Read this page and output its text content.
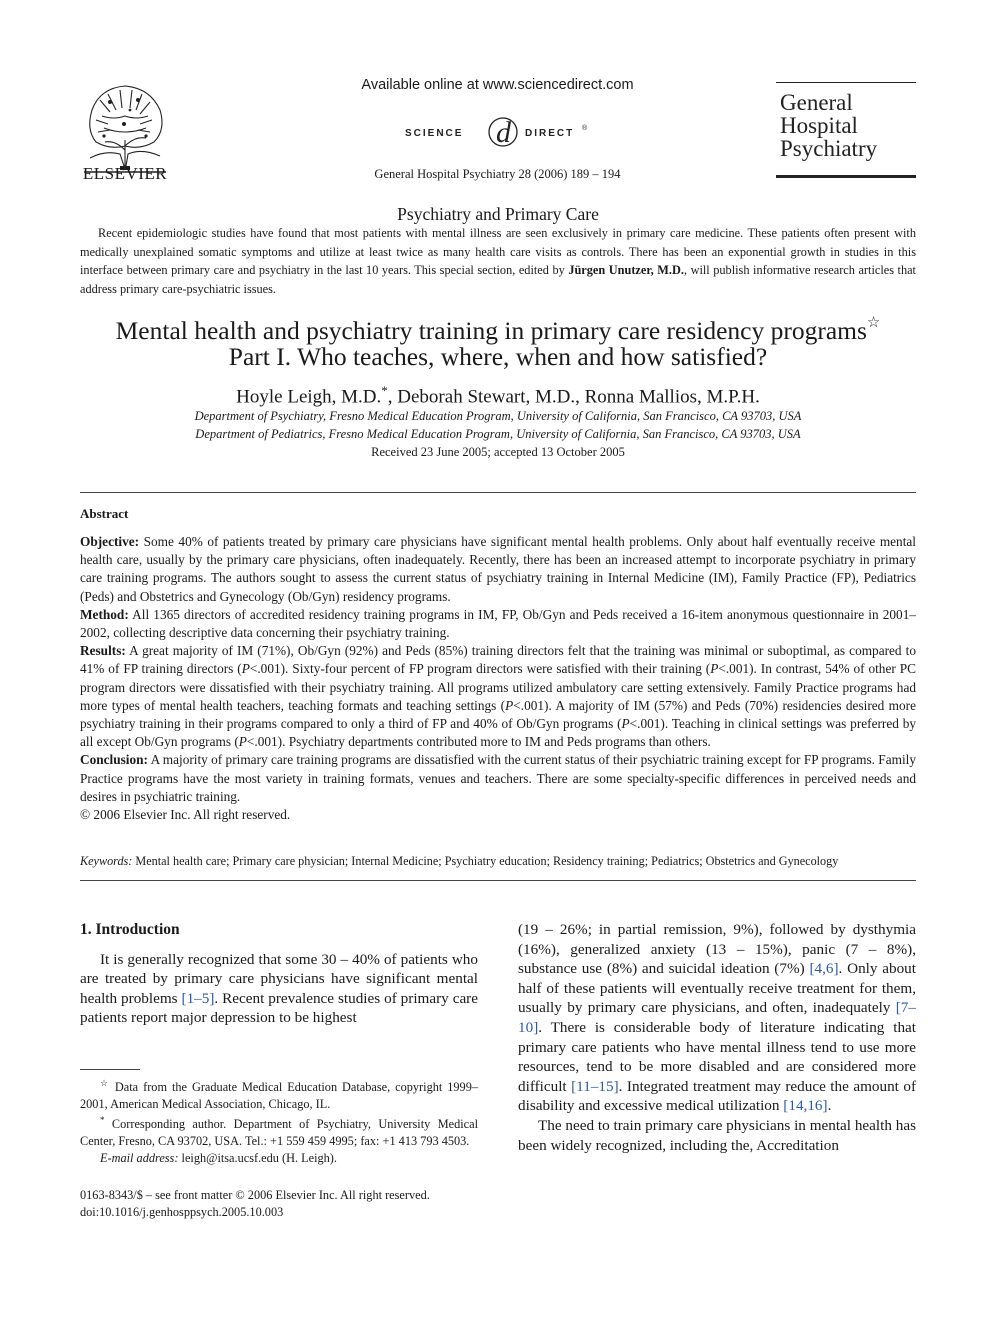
ELSEVIER
Available online at www.sciencedirect.com
SCIENCE d DIRECT ®
General Hospital Psychiatry 28 (2006) 189 – 194
General
Hospital
Psychiatry
Psychiatry and Primary Care
Recent epidemiologic studies have found that most patients with mental illness are seen exclusively in primary care medicine. These patients often present with medically unexplained somatic symptoms and utilize at least twice as many health care visits as controls. There has been an exponential growth in studies in this interface between primary care and psychiatry in the last 10 years. This special section, edited by Jürgen Unutzer, M.D., will publish informative research articles that address primary care-psychiatric issues.
Mental health and psychiatry training in primary care residency programs☆
Part I. Who teaches, where, when and how satisfied?
Hoyle Leigh, M.D.*, Deborah Stewart, M.D., Ronna Mallios, M.P.H.
Department of Psychiatry, Fresno Medical Education Program, University of California, San Francisco, CA 93703, USA
Department of Pediatrics, Fresno Medical Education Program, University of California, San Francisco, CA 93703, USA
Received 23 June 2005; accepted 13 October 2005
Abstract
Objective: Some 40% of patients treated by primary care physicians have significant mental health problems. Only about half eventually receive mental health care, usually by the primary care physicians, often inadequately. Recently, there has been an increased attempt to incorporate psychiatry in primary care training programs. The authors sought to assess the current status of psychiatry training in Internal Medicine (IM), Family Practice (FP), Pediatrics (Peds) and Obstetrics and Gynecology (Ob/Gyn) residency programs.
Method: All 1365 directors of accredited residency training programs in IM, FP, Ob/Gyn and Peds received a 16-item anonymous questionnaire in 2001–2002, collecting descriptive data concerning their psychiatry training.
Results: A great majority of IM (71%), Ob/Gyn (92%) and Peds (85%) training directors felt that the training was minimal or suboptimal, as compared to 41% of FP training directors (P<.001). Sixty-four percent of FP program directors were satisfied with their training (P<.001). In contrast, 54% of other PC program directors were dissatisfied with their psychiatry training. All programs utilized ambulatory care setting extensively. Family Practice programs had more types of mental health teachers, teaching formats and teaching settings (P<.001). A majority of IM (57%) and Peds (70%) residencies desired more psychiatry training in their programs compared to only a third of FP and 40% of Ob/Gyn programs (P<.001). Teaching in clinical settings was preferred by all except Ob/Gyn programs (P<.001). Psychiatry departments contributed more to IM and Peds programs than others.
Conclusion: A majority of primary care training programs are dissatisfied with the current status of their psychiatric training except for FP programs. Family Practice programs have the most variety in training formats, venues and teachers. There are some specialty-specific differences in perceived needs and desires in psychiatric training.
© 2006 Elsevier Inc. All right reserved.
Keywords: Mental health care; Primary care physician; Internal Medicine; Psychiatry education; Residency training; Pediatrics; Obstetrics and Gynecology
1. Introduction

It is generally recognized that some 30 – 40% of patients who are treated by primary care physicians have significant mental health problems [1–5]. Recent prevalence studies of primary care patients report major depression to be highest

(19 – 26%; in partial remission, 9%), followed by dysthymia (16%), generalized anxiety (13 – 15%), panic (7 – 8%), substance use (8%) and suicidal ideation (7%) [4,6]. Only about half of these patients will eventually receive treatment for them, usually by primary care physicians, and often, inadequately [7–10]. There is considerable body of literature indicating that primary care patients who have mental illness tend to use more resources, tend to be more disabled and are considered more difficult [11–15]. Integrated treatment may reduce the amount of disability and excessive medical utilization [14,16].

The need to train primary care physicians in mental health has been widely recognized, including the, Accreditation

☆ Data from the Graduate Medical Education Database, copyright 1999–2001, American Medical Association, Chicago, IL.

* Corresponding author. Department of Psychiatry, University Medical Center, Fresno, CA 93702, USA. Tel.: +1 559 459 4995; fax: +1 413 793 4503.

E-mail address: leigh@itsa.ucsf.edu (H. Leigh).

0163-8343/$ – see front matter © 2006 Elsevier Inc. All right reserved.
doi:10.1016/j.genhosppsych.2005.10.003
